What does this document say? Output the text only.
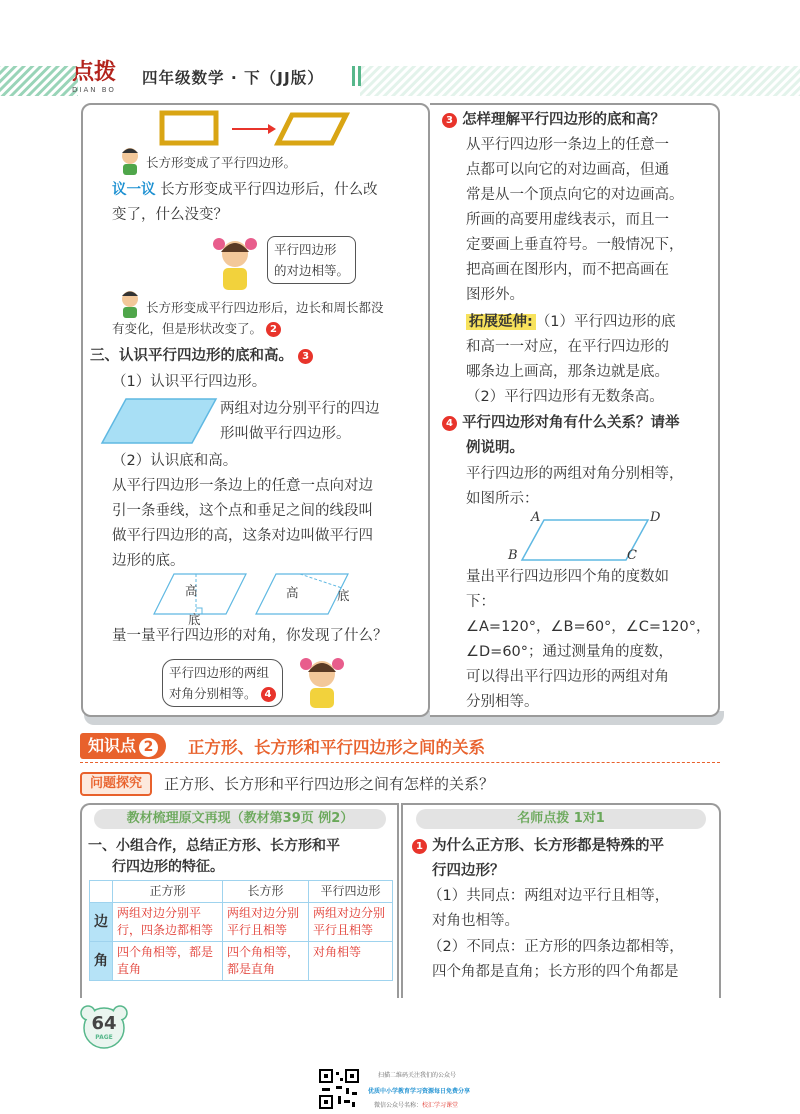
点拨
DIAN BO
四年级数学 · 下（JJ版）
长方形变成了平行四边形。
议一议 长方形变成平行四边形后，什么改
变了，什么没变？
平行四边形
的对边相等。
长方形变成平行四边形后，边长和周长都没
有变化，但是形状改变了。 2
三、认识平行四边形的底和高。 3
（1）认识平行四边形。
两组对边分别平行的四边
形叫做平行四边形。
（2）认识底和高。
从平行四边形一条边上的任意一点向对边
引一条垂线，这个点和垂足之间的线段叫
做平行四边形的高，这条对边叫做平行四
边形的底。
高
底
高	底
量一量平行四边形的对角，你发现了什么？
平行四边形的两组
对角分别相等。 4
3 怎样理解平行四边形的底和高？
从平行四边形一条边上的任意一
点都可以向它的对边画高，但通
常是从一个顶点向它的对边画高。
所画的高要用虚线表示，而且一
定要画上垂直符号。一般情况下，
把高画在图形内，而不把高画在
图形外。
拓展延伸: （1）平行四边形的底
和高一一对应，在平行四边形的
哪条边上画高，那条边就是底。
（2）平行四边形有无数条高。
4 平行四边形对角有什么关系？请举
例说明。
平行四边形的两组对角分别相等，
如图所示：
A
B	C
D
量出平行四边形四个角的度数如
下：
∠A=120°，∠B=60°，∠C=120°，
∠D=60°；通过测量角的度数，
可以得出平行四边形的两组对角
分别相等。
知识点 2	正方形、长方形和平行四边形之间的关系
问题探究	正方形、长方形和平行四边形之间有怎样的关系？
教材梳理原文再现（教材第39页 例2）	名师点拨 1对1
一、小组合作，总结正方形、长方形和平
行四边形的特征。
	正方形	长方形	平行四边形
边	两组对边分别平行，四条边都相等	两组对边分别平行且相等	两组对边分别平行且相等
角	四个角相等，都是直角	四个角相等，都是直角	对角相等
1 为什么正方形、长方形都是特殊的平
行四边形？
（1）共同点：两组对边平行且相等，
对角也相等。
（2）不同点：正方形的四条边都相等，
四个角都是直角；长方形的四个角都是
64
PAGE
扫描二维码关注我们的公众号
优质中小学教育学习资源每日免费分享
微信公众号名称：校汇学习课堂
